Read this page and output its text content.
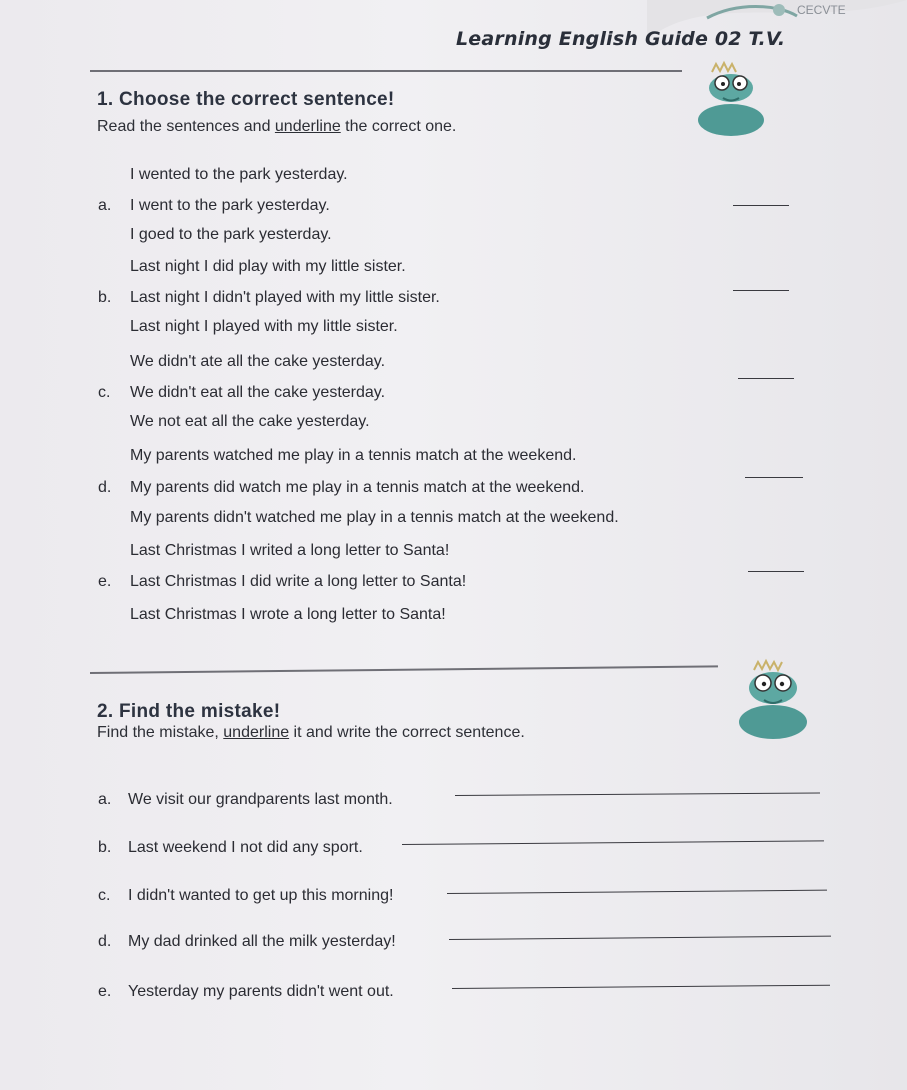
CECVTE
Learning English Guide 02 T.V.
1. Choose the correct sentence!
Read the sentences and underline the correct one.
I wented to the park yesterday.
a. I went to the park yesterday.
I goed to the park yesterday.
Last night I did play with my little sister.
b. Last night I didn't played with my little sister.
Last night I played with my little sister.
We didn't ate all the cake yesterday.
c. We didn't eat all the cake yesterday.
We not eat all the cake yesterday.
My parents watched me play in a tennis match at the weekend.
d. My parents did watch me play in a tennis match at the weekend.
My parents didn't watched me play in a tennis match at the weekend.
Last Christmas I writed a long letter to Santa!
e. Last Christmas I did write a long letter to Santa!
Last Christmas I wrote a long letter to Santa!
2. Find the mistake!
Find the mistake, underline it and write the correct sentence.
a. We visit our grandparents last month.
b. Last weekend I not did any sport.
c. I didn't wanted to get up this morning!
d. My dad drinked all the milk yesterday!
e. Yesterday my parents didn't went out.
